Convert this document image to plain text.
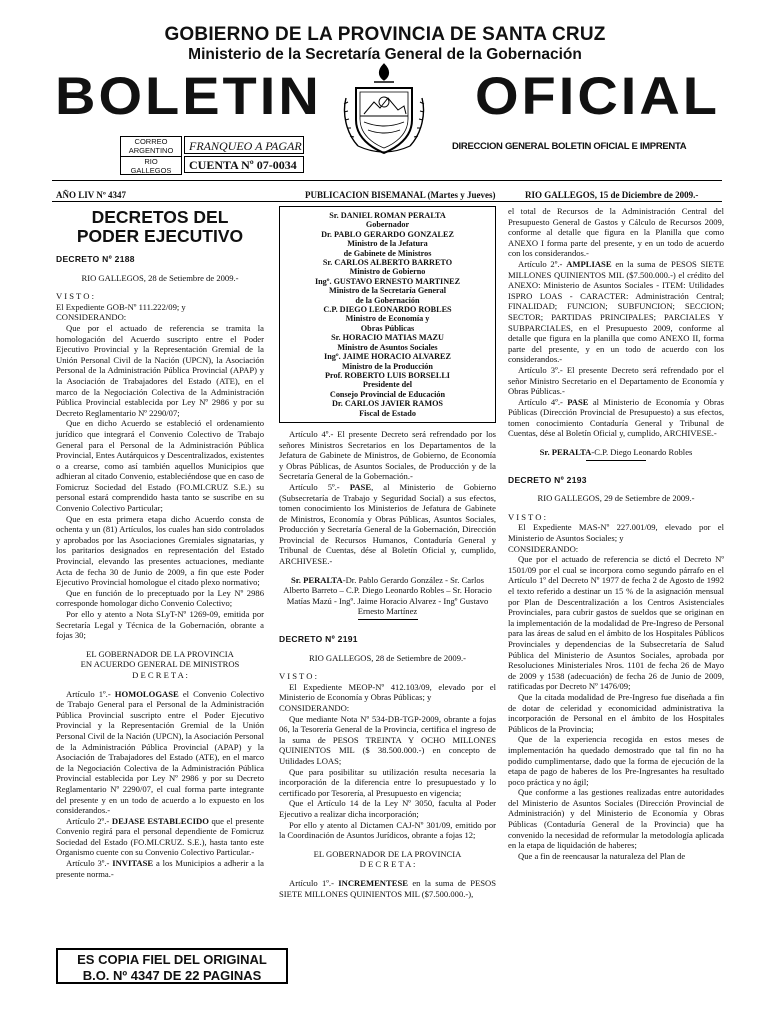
GOBIERNO DE LA PROVINCIA DE SANTA CRUZ
Ministerio de la Secretaría General de la Gobernación
BOLETIN	OFICIAL
CORREO
ARGENTINO
RIO
GALLEGOS
FRANQUEO A PAGAR
CUENTA Nº 07-0034
DIRECCION GENERAL BOLETIN OFICIAL E IMPRENTA
AÑO LIV Nº 4347	PUBLICACION BISEMANAL (Martes y Jueves)	RIO GALLEGOS, 15 de Diciembre de 2009.-
DECRETOS DEL
PODER EJECUTIVO

DECRETO Nº 2188

RIO GALLEGOS, 28 de Setiembre de 2009.-

V I S T O :

El Expediente GOB-Nº 111.222/09; y

CONSIDERANDO:

Que por el actuado de referencia se tramita la homologación del Acuerdo suscripto entre el Poder Ejecutivo Provincial y la Representación Gremial de la Unión Personal Civil de la Nación (UPCN), la Asociación Personal de la Administración Pública Provincial (APAP) y la Asociación de Trabajadores del Estado (ATE), en el marco de la Negociación Colectiva de la Administración Pública Provincial establecida por Ley Nº 2986 y por su Decreto Reglamentario Nº 2290/07;

Que en dicho Acuerdo se estableció el ordenamiento jurídico que integrará el Convenio Colectivo de Trabajo General para el Personal de la Administración Pública Provincial, Entes Autárquicos y Descentralizados, existentes o a crearse, como así también aquellos Municipios que adhieran al citado Convenio, estableciéndose que en caso de Fomicruz Sociedad del Estado (FO.MI.CRUZ S.E.) su personal estará comprendido hasta tanto se suscribe en su Convenio Colectivo Particular;

Que en esta primera etapa dicho Acuerdo consta de ochenta y un (81) Artículos, los cuales han sido controlados y aprobados por las Asociaciones Gremiales signatarias, y los paritarios designados en representación del Estado Provincial, elevando las presentes actuaciones, mediante Acta de fecha 30 de Junio de 2009, a fin que este Poder Ejecutivo Provincial homologue el citado plexo normativo;

Que en función de lo preceptuado por la Ley Nº 2986 corresponde homologar dicho Convenio Colectivo;

Por ello y atento a Nota SLyT-Nº 1269-09, emitida por Secretaría Legal y Técnica de la Gobernación, obrante a fojas 30;

EL GOBERNADOR DE LA PROVINCIA

EN ACUERDO GENERAL DE MINISTROS

D E C R E T A :

Artículo 1º.- HOMOLOGASE el Convenio Colectivo de Trabajo General para el Personal de la Administración Pública Provincial suscripto entre el Poder Ejecutivo Provincial y la Representación Gremial de la Unión Personal Civil de la Nación (UPCN), la Asociación Personal de la Administración Pública Provincial (APAP) y la Asociación de Trabajadores del Estado (ATE), en el marco de la Negociación Colectiva de la Administración Pública Provincial establecida por Ley Nº 2986 y por su Decreto Reglamentario Nº 2290/07, el cual forma parte integrante del presente y en un todo de acuerdo a lo expuesto en los considerandos.-

Artículo 2º.- DEJASE ESTABLECIDO que el presente Convenio regirá para el personal dependiente de Fomicruz Sociedad del Estado (FO.MI.CRUZ. S.E.), hasta tanto este Organismo cuente con su Convenio Colectivo Particular.-

Artículo 3º.- INVITASE a los Municipios a adherir a la presente norma.-

Sr. DANIEL ROMAN PERALTA
Gobernador
Dr. PABLO GERARDO GONZALEZ
Ministro de la Jefatura
de Gabinete de Ministros
Sr. CARLOS ALBERTO BARRETO
Ministro de Gobierno
Ingº. GUSTAVO ERNESTO MARTINEZ
Ministro de la Secretaría General
de la Gobernación
C.P. DIEGO LEONARDO ROBLES
Ministro de Economía y
Obras Públicas
Sr. HORACIO MATIAS MAZU
Ministro de Asuntos Sociales
Ingº. JAIME HORACIO ALVAREZ
Ministro de la Producción
Prof. ROBERTO LUIS BORSELLI
Presidente del
Consejo Provincial de Educación
Dr. CARLOS JAVIER RAMOS
Fiscal de Estado

Artículo 4º.- El presente Decreto será refrendado por los señores Ministros Secretarios en los Departamentos de la Jefatura de Gabinete de Ministros, de Gobierno, de Economía y Obras Públicas, de Asuntos Sociales, de Producción y de la Secretaría General de la Gobernación.-

Artículo 5º.- PASE, al Ministerio de Gobierno (Subsecretaría de Trabajo y Seguridad Social) a sus efectos, tomen conocimiento los Ministerios de Jefatura de Gabinete de Ministros, Economía y Obras Públicas, Asuntos Sociales, Producción y Secretaría General de la Gobernación, Dirección Provincial de Recursos Humanos, Contaduría General y Tribunal de Cuentas, dése al Boletín Oficial y, cumplido, ARCHIVESE.-

Sr. PERALTA-Dr. Pablo Gerardo González - Sr. Carlos Alberto Barreto – C.P. Diego Leonardo Robles – Sr. Horacio Matías Mazú - Ingº. Jaime Horacio Alvarez - Ingº Gustavo Ernesto Martínez

DECRETO Nº 2191

RIO GALLEGOS, 28 de Setiembre de 2009.-

V I S T O :

El Expediente MEOP-Nº 412.103/09, elevado por el Ministerio de Economía y Obras Públicas; y

CONSIDERANDO:

Que mediante Nota Nº 534-DB-TGP-2009, obrante a fojas 06, la Tesorería General de la Provincia, certifica el ingreso de la suma de PESOS TREINTA Y OCHO MILLONES QUINIENTOS MIL ($ 38.500.000.-) en concepto de Utilidades LOAS;

Que para posibilitar su utilización resulta necesaria la incorporación de la diferencia entre lo presupuestado y lo certificado por Tesorería, al Presupuesto en vigencia;

Que el Artículo 14 de la Ley Nº 3050, faculta al Poder Ejecutivo a realizar dicha incorporación;

Por ello y atento al Dictamen CAJ-Nº 301/09, emitido por la Coordinación de Asuntos Jurídicos, obrante a fojas 12;

EL GOBERNADOR DE LA PROVINCIA

D E C R E T A :

Artículo 1º.- INCREMENTESE en la suma de PESOS SIETE MILLONES QUINIENTOS MIL ($7.500.000.-),

el total de Recursos de la Administración Central del Presupuesto General de Gastos y Cálculo de Recursos 2009, conforme al detalle que figura en la Planilla que como ANEXO I forma parte del presente, y en un todo de acuerdo con los considerandos.-

Artículo 2º.- AMPLIASE en la suma de PESOS SIETE MILLONES QUINIENTOS MIL ($7.500.000.-) el crédito del ANEXO: Ministerio de Asuntos Sociales - ITEM: Utilidades ISPRO LOAS - CARACTER: Administración Central; FINALIDAD; FUNCION; SUBFUNCION; SECCION; SECTOR; PARTIDAS PRINCIPALES; PARCIALES Y SUBPARCIALES, en el Presupuesto 2009, conforme al detalle que figura en la planilla que como ANEXO II, forma parte del presente, y en un todo de acuerdo con los considerandos.-

Artículo 3º.- El presente Decreto será refrendado por el señor Ministro Secretario en el Departamento de Economía y Obras Públicas.-

Artículo 4º.- PASE al Ministerio de Economía y Obras Públicas (Dirección Provincial de Presupuesto) a sus efectos, tomen conocimiento Contaduría General y Tribunal de Cuentas, dése al Boletín Oficial y, cumplido, ARCHIVESE.-

Sr. PERALTA-C.P. Diego Leonardo Robles

DECRETO Nº 2193

RIO GALLEGOS, 29 de Setiembre de 2009.-

V I S T O :

El Expediente MAS-Nº 227.001/09, elevado por el Ministerio de Asuntos Sociales; y

CONSIDERANDO:

Que por el actuado de referencia se dictó el Decreto Nº 1501/09 por el cual se incorpora como segundo párrafo en el Artículo 1º del Decreto Nº 1977 de fecha 2 de Agosto de 1992 el texto referido a destinar un 15 % de la asignación mensual por Plan de Descentralización a los Centros Asistenciales Provinciales, para cubrir gastos de sueldos que se originan en la implementación de la modalidad de Pre-Ingreso de Personal para las áreas de salud en el ámbito de los Hospitales Públicos Provinciales y dependencias de la Subsecretaría de Salud Pública del Ministerio de Asuntos Sociales, aprobada por Resoluciones Ministeriales Nros. 1101 de fecha 26 de Mayo de 2009 y 1538 (adecuación) de fecha 26 de Junio de 2009, ratificadas por Decreto Nº 1476/09;

Que la citada modalidad de Pre-Ingreso fue diseñada a fin de dotar de celeridad y economicidad administrativa la incorporación de Personal en el ámbito de los Hospitales Públicos de la Provincia;

Que de la experiencia recogida en estos meses de implementación ha quedado demostrado que tal fin no ha podido cumplimentarse, dado que la forma de ejecución de la etapa de pago de haberes de los Pre-Ingresantes ha resultado poco práctica y no ágil;

Que conforme a las gestiones realizadas entre autoridades del Ministerio de Asuntos Sociales (Dirección Provincial de Administración) y del Ministerio de Economía y Obras Públicas (Contaduría General de la Provincia) que ha convenido la necesidad de reformular la metodología aplicada en la etapa de liquidación de haberes;

Que a fin de reencausar la naturaleza del Plan de

ES COPIA FIEL DEL ORIGINAL
B.O. Nº 4347 DE 22 PAGINAS
